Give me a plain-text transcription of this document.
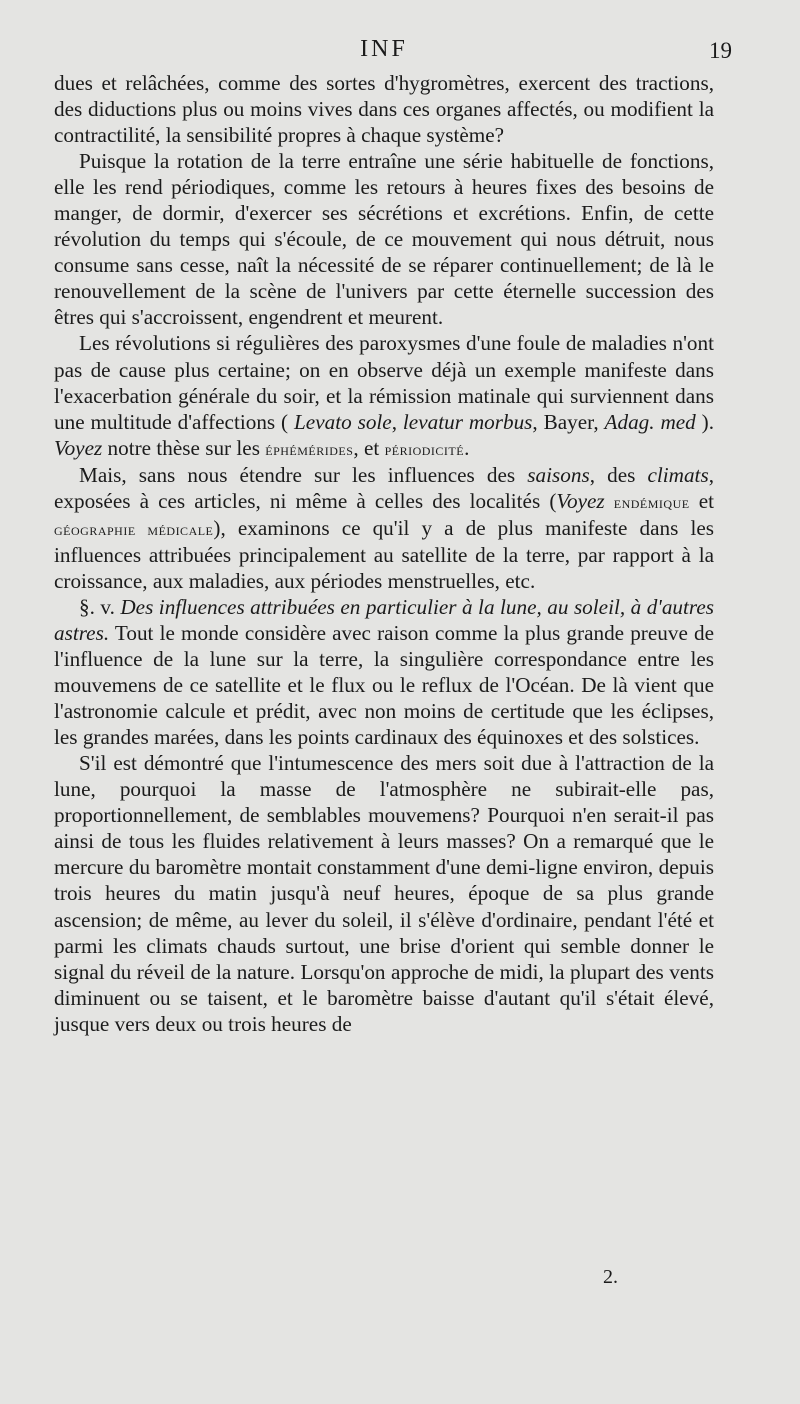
INF	19

dues et relâchées, comme des sortes d'hygromètres, exercent des tractions, des diductions plus ou moins vives dans ces organes affectés, ou modifient la contractilité, la sensibilité propres à chaque système?

Puisque la rotation de la terre entraîne une série habituelle de fonctions, elle les rend périodiques, comme les retours à heures fixes des besoins de manger, de dormir, d'exercer ses sécrétions et excrétions. Enfin, de cette révolution du temps qui s'écoule, de ce mouvement qui nous détruit, nous consume sans cesse, naît la nécessité de se réparer continuellement; de là le renouvellement de la scène de l'univers par cette éternelle succession des êtres qui s'accroissent, engendrent et meurent.

Les révolutions si régulières des paroxysmes d'une foule de maladies n'ont pas de cause plus certaine; on en observe déjà un exemple manifeste dans l'exacerbation générale du soir, et la rémission matinale qui surviennent dans une multitude d'affections ( Levato sole, levatur morbus, Bayer, Adag. med ). Voyez notre thèse sur les éphémérides, et périodicité.

Mais, sans nous étendre sur les influences des saisons, des climats, exposées à ces articles, ni même à celles des localités (Voyez endémique et géographie médicale), examinons ce qu'il y a de plus manifeste dans les influences attribuées principalement au satellite de la terre, par rapport à la croissance, aux maladies, aux périodes menstruelles, etc.

§. v. Des influences attribuées en particulier à la lune, au soleil, à d'autres astres. Tout le monde considère avec raison comme la plus grande preuve de l'influence de la lune sur la terre, la singulière correspondance entre les mouvemens de ce satellite et le flux ou le reflux de l'Océan. De là vient que l'astronomie calcule et prédit, avec non moins de certitude que les éclipses, les grandes marées, dans les points cardinaux des équinoxes et des solstices.

S'il est démontré que l'intumescence des mers soit due à l'attraction de la lune, pourquoi la masse de l'atmosphère ne subirait-elle pas, proportionnellement, de semblables mouvemens? Pourquoi n'en serait-il pas ainsi de tous les fluides relativement à leurs masses? On a remarqué que le mercure du baromètre montait constamment d'une demi-ligne environ, depuis trois heures du matin jusqu'à neuf heures, époque de sa plus grande ascension; de même, au lever du soleil, il s'élève d'ordinaire, pendant l'été et parmi les climats chauds surtout, une brise d'orient qui semble donner le signal du réveil de la nature. Lorsqu'on approche de midi, la plupart des vents diminuent ou se taisent, et le baromètre baisse d'autant qu'il s'était élevé, jusque vers deux ou trois heures de

2.
